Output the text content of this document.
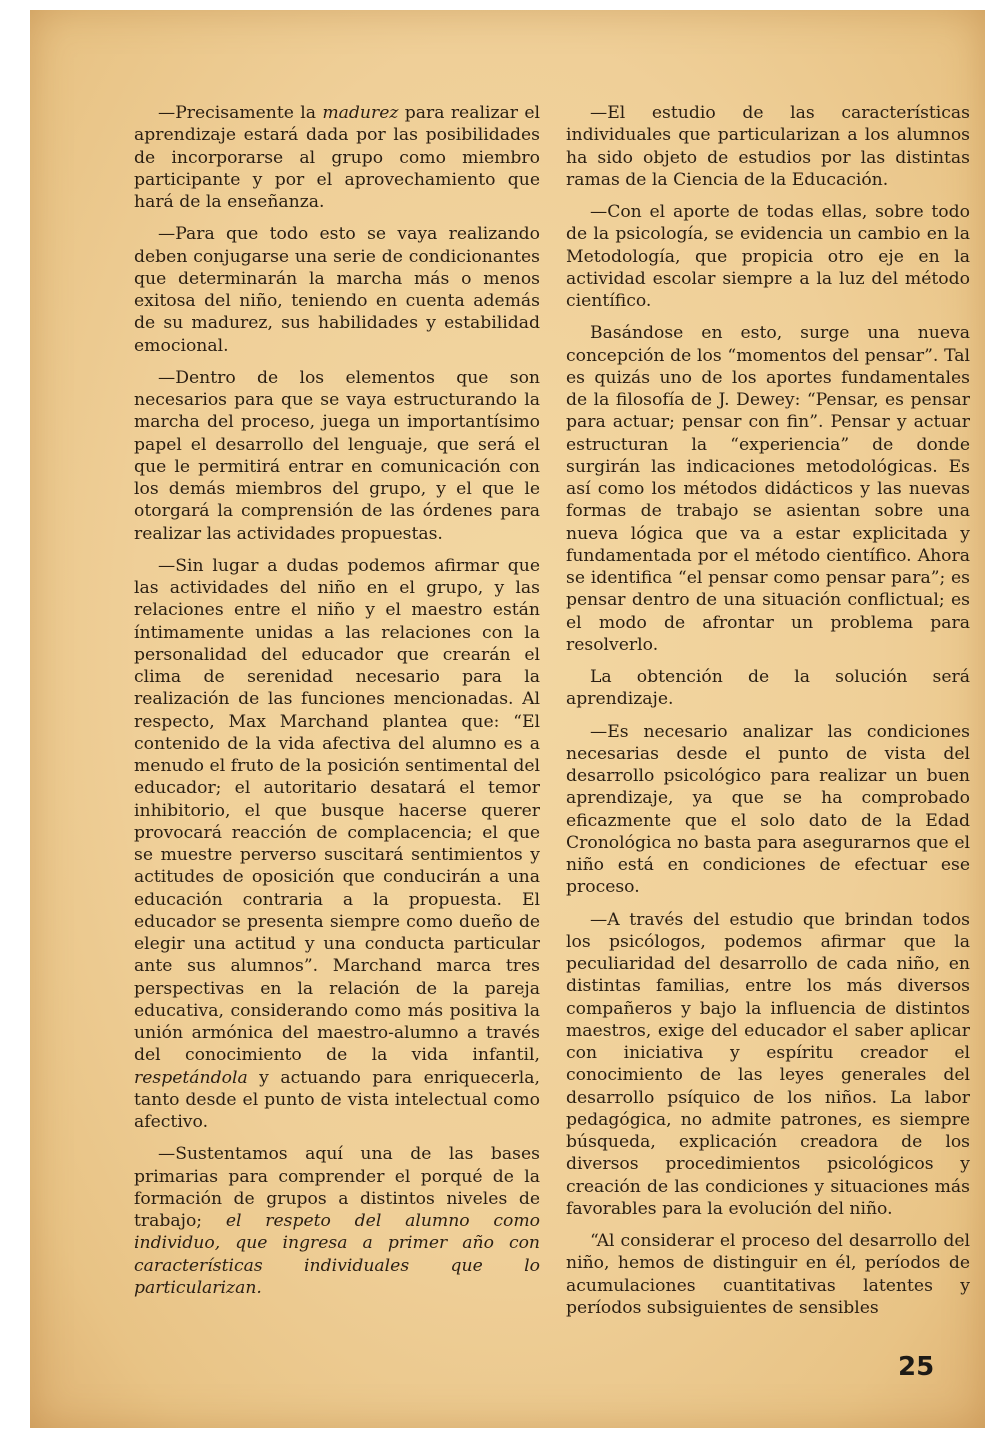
—Precisamente la madurez para realizar el aprendizaje estará dada por las posibilidades de incorporarse al grupo como miembro participante y por el aprovechamiento que hará de la enseñanza.

—Para que todo esto se vaya realizando deben conjugarse una serie de condicionantes que determinarán la marcha más o menos exitosa del niño, teniendo en cuenta además de su madurez, sus habilidades y estabilidad emocional.

—Dentro de los elementos que son necesarios para que se vaya estructurando la marcha del proceso, juega un importantísimo papel el desarrollo del lenguaje, que será el que le permitirá entrar en comunicación con los demás miembros del grupo, y el que le otorgará la comprensión de las órdenes para realizar las actividades propuestas.

—Sin lugar a dudas podemos afirmar que las actividades del niño en el grupo, y las relaciones entre el niño y el maestro están íntimamente unidas a las relaciones con la personalidad del educador que crearán el clima de serenidad necesario para la realización de las funciones mencionadas. Al respecto, Max Marchand plantea que: “El contenido de la vida afectiva del alumno es a menudo el fruto de la posición sentimental del educador; el autoritario desatará el temor inhibitorio, el que busque hacerse querer provocará reacción de complacencia; el que se muestre perverso suscitará sentimientos y actitudes de oposición que conducirán a una educación contraria a la propuesta. El educador se presenta siempre como dueño de elegir una actitud y una conducta particular ante sus alumnos”. Marchand marca tres perspectivas en la relación de la pareja educativa, considerando como más positiva la unión armónica del maestro-alumno a través del conocimiento de la vida infantil, respetándola y actuando para enriquecerla, tanto desde el punto de vista intelectual como afectivo.

—Sustentamos aquí una de las bases primarias para comprender el porqué de la formación de grupos a distintos niveles de trabajo; el respeto del alumno como individuo, que ingresa a primer año con características individuales que lo particularizan.

—El estudio de las características individuales que particularizan a los alumnos ha sido objeto de estudios por las distintas ramas de la Ciencia de la Educación.

—Con el aporte de todas ellas, sobre todo de la psicología, se evidencia un cambio en la Metodología, que propicia otro eje en la actividad escolar siempre a la luz del método científico.

Basándose en esto, surge una nueva concepción de los “momentos del pensar”. Tal es quizás uno de los aportes fundamentales de la filosofía de J. Dewey: “Pensar, es pensar para actuar; pensar con fin”. Pensar y actuar estructuran la “experiencia” de donde surgirán las indicaciones metodológicas. Es así como los métodos didácticos y las nuevas formas de trabajo se asientan sobre una nueva lógica que va a estar explicitada y fundamentada por el método científico. Ahora se identifica “el pensar como pensar para”; es pensar dentro de una situación conflictual; es el modo de afrontar un problema para resolverlo.

La obtención de la solución será aprendizaje.

—Es necesario analizar las condiciones necesarias desde el punto de vista del desarrollo psicológico para realizar un buen aprendizaje, ya que se ha comprobado eficazmente que el solo dato de la Edad Cronológica no basta para asegurarnos que el niño está en condiciones de efectuar ese proceso.

—A través del estudio que brindan todos los psicólogos, podemos afirmar que la peculiaridad del desarrollo de cada niño, en distintas familias, entre los más diversos compañeros y bajo la influencia de distintos maestros, exige del educador el saber aplicar con iniciativa y espíritu creador el conocimiento de las leyes generales del desarrollo psíquico de los niños. La labor pedagógica, no admite patrones, es siempre búsqueda, explicación creadora de los diversos procedimientos psicológicos y creación de las condiciones y situaciones más favorables para la evolución del niño.

“Al considerar el proceso del desarrollo del niño, hemos de distinguir en él, períodos de acumulaciones cuantitativas latentes y períodos subsiguientes de sensibles

25
